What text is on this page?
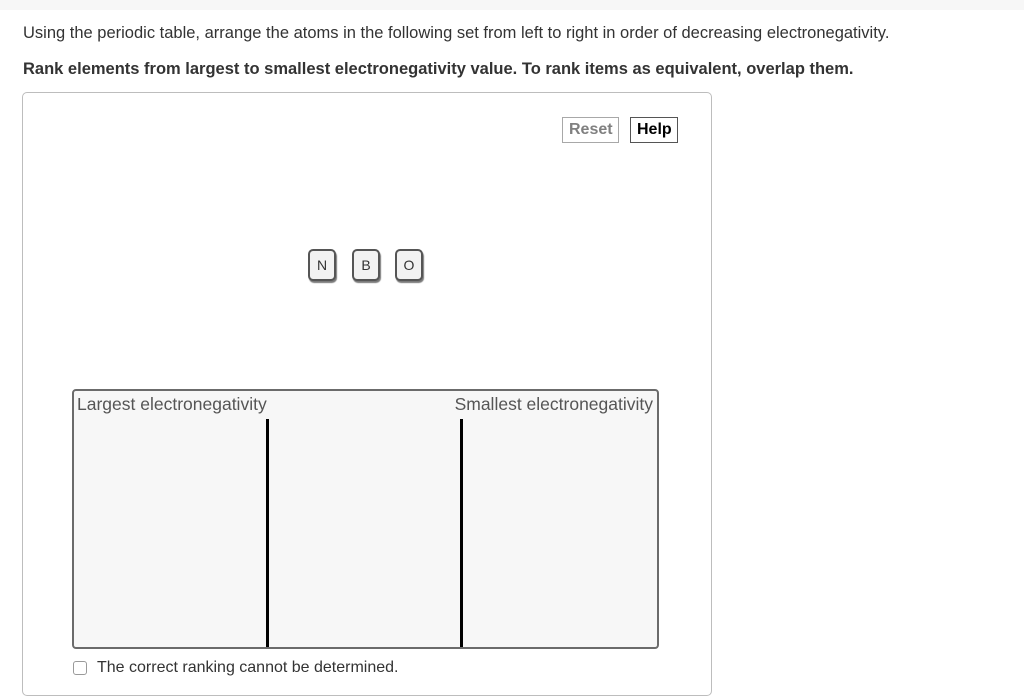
Using the periodic table, arrange the atoms in the following set from left to right in order of decreasing electronegativity.
Rank elements from largest to smallest electronegativity value. To rank items as equivalent, overlap them.
Reset	Help
N B O
Largest electronegativity	Smallest electronegativity
The correct ranking cannot be determined.
